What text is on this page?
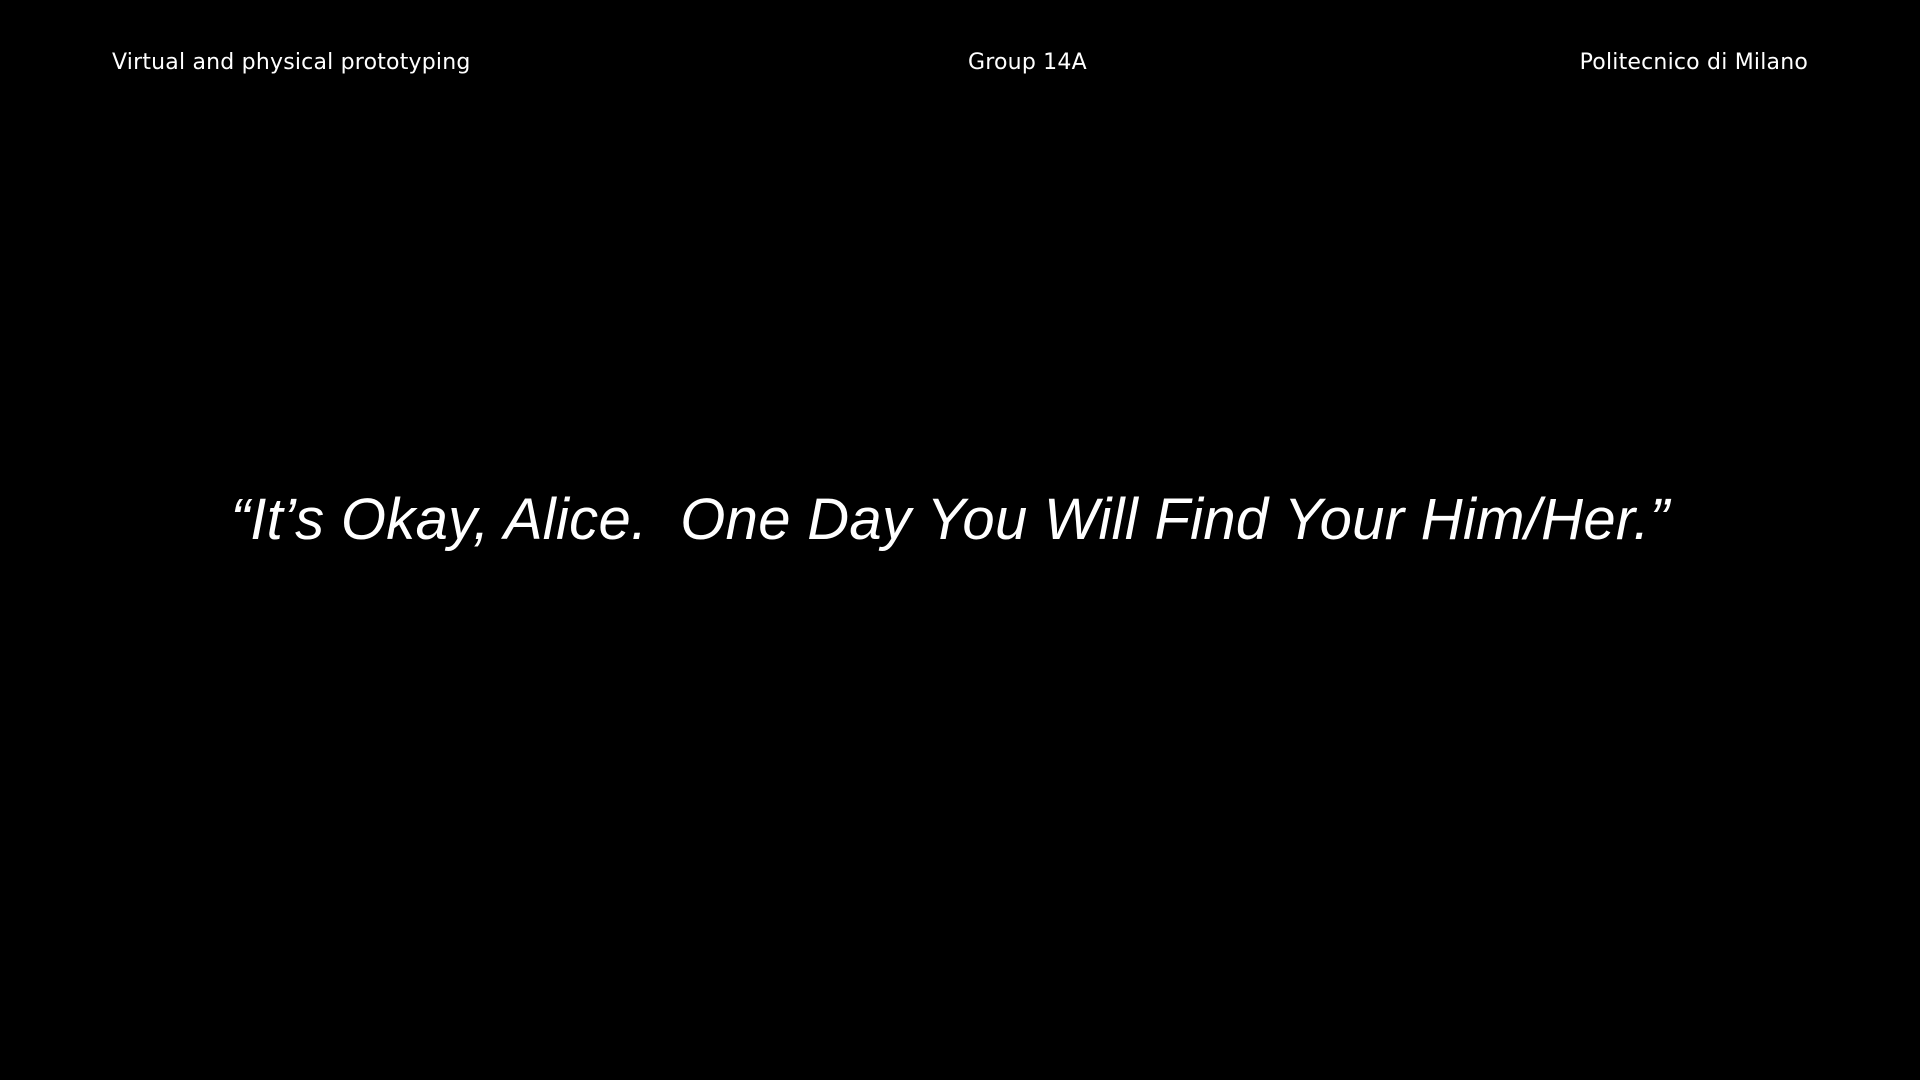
Virtual and physical prototyping	Group 14A	Politecnico di Milano
“It’s Okay, Alice.  One Day You Will Find Your Him/Her.”
